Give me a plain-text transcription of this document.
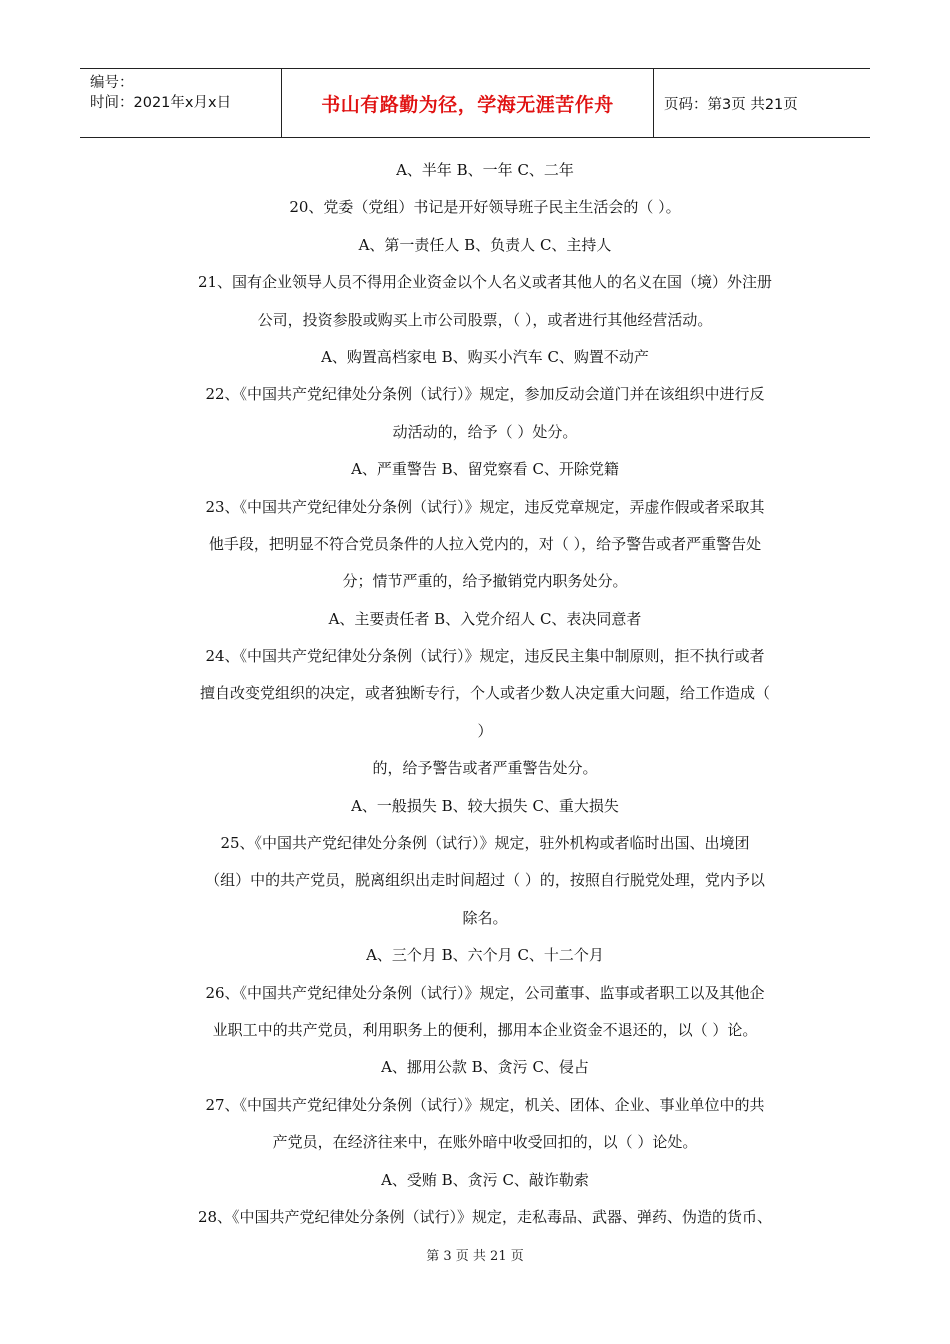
编号：
时间：2021年x月x日	书山有路勤为径，学海无涯苦作舟	页码：第3页 共21页
A、半年 B、一年 C、二年
20、党委（党组）书记是开好领导班子民主生活会的（ ）。
A、第一责任人 B、负责人 C、主持人
21、国有企业领导人员不得用企业资金以个人名义或者其他人的名义在国（境）外注册
公司，投资参股或购买上市公司股票，（ ），或者进行其他经营活动。
A、购置高档家电 B、购买小汽车 C、购置不动产
22、《中国共产党纪律处分条例（试行）》规定，参加反动会道门并在该组织中进行反
动活动的，给予（ ）处分。
A、严重警告 B、留党察看 C、开除党籍
23、《中国共产党纪律处分条例（试行）》规定，违反党章规定，弄虚作假或者采取其
他手段，把明显不符合党员条件的人拉入党内的，对（ ），给予警告或者严重警告处
分；情节严重的，给予撤销党内职务处分。
A、主要责任者 B、入党介绍人 C、表决同意者
24、《中国共产党纪律处分条例（试行）》规定，违反民主集中制原则，拒不执行或者
擅自改变党组织的决定，或者独断专行，个人或者少数人决定重大问题，给工作造成（
）
的，给予警告或者严重警告处分。
A、一般损失 B、较大损失 C、重大损失
25、《中国共产党纪律处分条例（试行）》规定，驻外机构或者临时出国、出境团
（组）中的共产党员，脱离组织出走时间超过（ ）的，按照自行脱党处理，党内予以
除名。
A、三个月 B、六个月 C、十二个月
26、《中国共产党纪律处分条例（试行）》规定，公司董事、监事或者职工以及其他企
业职工中的共产党员，利用职务上的便利，挪用本企业资金不退还的，以（ ）论。
A、挪用公款 B、贪污 C、侵占
27、《中国共产党纪律处分条例（试行）》规定，机关、团体、企业、事业单位中的共
产党员，在经济往来中，在账外暗中收受回扣的，以（ ）论处。
A、受贿 B、贪污 C、敲诈勒索
28、《中国共产党纪律处分条例（试行）》规定，走私毒品、武器、弹药、伪造的货币、
第 3 页 共 21 页
